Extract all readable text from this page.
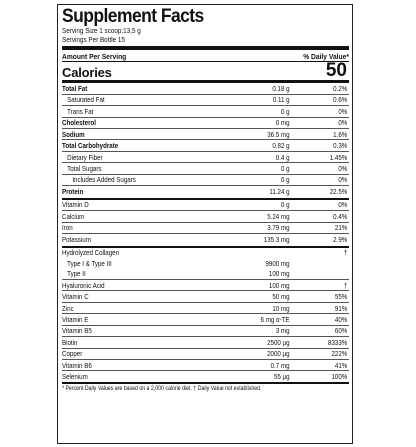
Supplement Facts
Serving Size 1 scoop:13,5 g
Servings Per Bottle 15
Amount Per Serving	% Daily Value*
Calories	50
Total Fat	0.18 g	0.2%
Saturated Fat	0.11 g	0.6%
Trans Fat	0 g	0%
Cholesterol	0 mg	0%
Sodium	36.5 mg	1.6%
Total Carbohydrate	0.82 g	0.3%
Dietary Fiber	0.4 g	1.45%
Total Sugars	0 g	0%
Includes Added Sugars	0 g	0%
Protein	11.24 g	22.5%
Vitamin D	0 g	0%
Calcium	5.24 mg	0.4%
Iron	3.79 mg	21%
Potassium	135.3 mg	2.9%
Hydrolyzed Collagen	†
Type I & Type III	9900 mg
Type II	100 mg
Hyaluronic Acid	100 mg	†
Vitamin C	50 mg	55%
Zinc	10 mg	91%
Vitamin E	6 mg α-TE	40%
Vitamin B5	3 mg	60%
Biotin	2500 µg	8333%
Copper	2000 µg	222%
Vitamin B6	0.7 mg	41%
Selenium	55 µg	100%
* Percent Daily Values are based on a 2,000 calorie diet. † Daily Value not established.
